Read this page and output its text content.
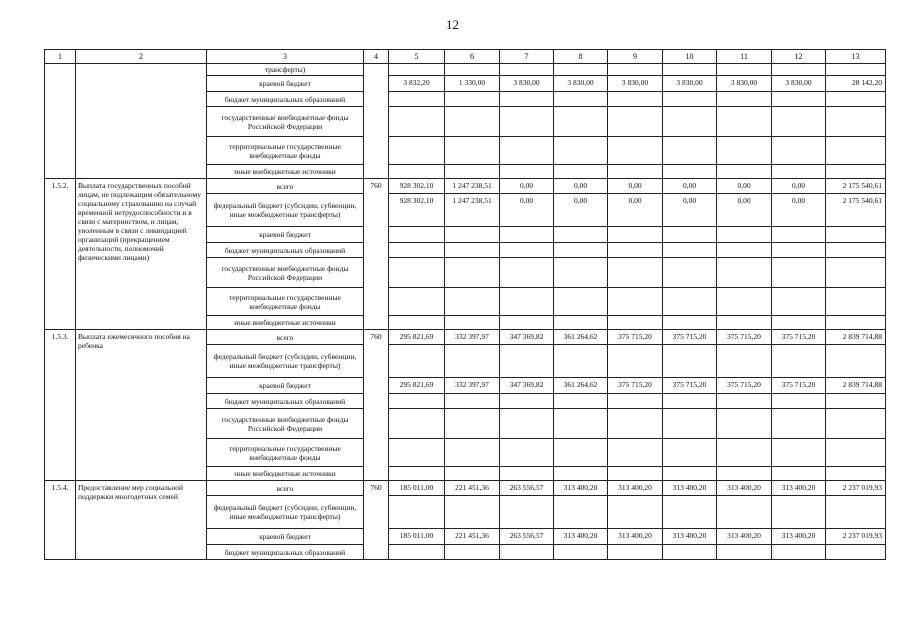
12
1	2	3	4	5	6	7	8	9	10	11	12	13
		трансферты)										
		краевой бюджет		3 832,20	1 330,00	3 830,00	3 830,00	3 830,00	3 830,00	3 830,00	3 830,00	28 142,20
		бюджет муниципальных образований										
		государственные внебюджетные фонды Российской Федерации										
		территориальные государственные внебюджетные фонды										
		иные внебюджетные источники										
1.5.2.	Выплата государственных пособий лицам, не подлежащим обязательному социальному страхованию на случай временной нетрудоспособности и в связи с материнством, и лицам, уволенным в связи с ликвидацией организаций (прекращением деятельности, полномочий физическими лицами)	всего	760	928 302,10	1 247 238,51	0,00	0,00	0,00	0,00	0,00	0,00	2 175 540,61
		федеральный бюджет (субсидии, субвенции, иные межбюджетные трансферты)		928 302,10	1 247 238,51	0,00	0,00	0,00	0,00	0,00	0,00	2 175 540,61
		краевой бюджет										
		бюджет муниципальных образований										
		государственные внебюджетные фонды Российской Федерации										
		территориальные государственные внебюджетные фонды										
		иные внебюджетные источники										
1.5.3.	Выплата ежемесячного пособия на ребенка	всего	760	295 821,69	332 397,97	347 369,82	361 264,62	375 715,20	375 715,20	375 715,20	375 715,20	2 839 714,88
		федеральный бюджет (субсидии, субвенции, иные межбюджетные трансферты)										
		краевой бюджет		295 821,69	332 397,97	347 369,82	361 264,62	375 715,20	375 715,20	375 715,20	375 715,20	2 839 714,88
		бюджет муниципальных образований										
		государственные внебюджетные фонды Российской Федерации										
		территориальные государственные внебюджетные фонды										
		иные внебюджетные источники										
1.5.4.	Предоставление мер социальной поддержки многодетных семей	всего	760	185 011,00	221 451,36	263 556,57	313 400,20	313 400,20	313 400,20	313 400,20	313 400,20	2 237 019,93
		федеральный бюджет (субсидии, субвенции, иные межбюджетные трансферты)										
		краевой бюджет		185 011,00	221 451,36	263 556,57	313 400,20	313 400,20	313 400,20	313 400,20	313 400,20	2 237 019,93
		бюджет муниципальных образований										
